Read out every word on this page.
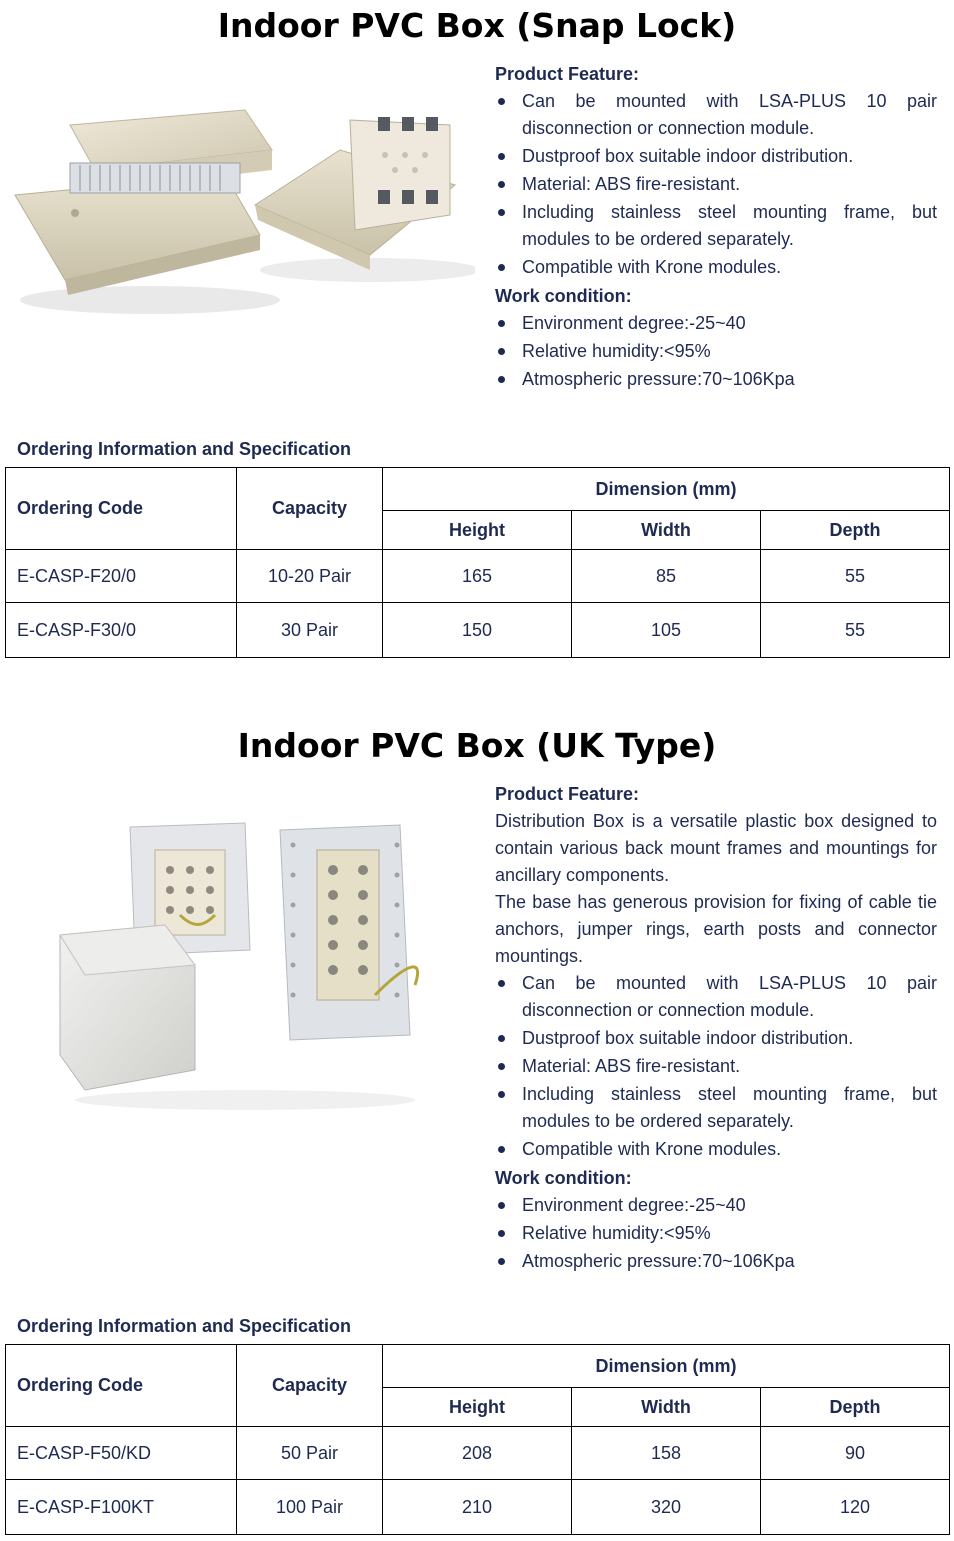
Indoor PVC Box (Snap Lock)
Product Feature:
Can be mounted with LSA-PLUS 10 pair disconnection or connection module.
Dustproof box suitable indoor distribution.
Material: ABS fire-resistant.
Including stainless steel mounting frame, but modules to be ordered separately.
Compatible with Krone modules.
Work condition:
Environment degree:-25~40
Relative humidity:<95%
Atmospheric pressure:70~106Kpa
Ordering Information and Specification
Ordering Code	Capacity	Dimension (mm)		
		Height	Width	Depth
E-CASP-F20/0	10-20 Pair	165	85	55
E-CASP-F30/0	30 Pair	150	105	55
Indoor PVC Box (UK Type)
Product Feature:

Distribution Box is a versatile plastic box designed to contain various back mount frames and mountings for ancillary components.

The base has generous provision for fixing of cable tie anchors, jumper rings, earth posts and connector mountings.

Can be mounted with LSA-PLUS 10 pair disconnection or connection module.
Dustproof box suitable indoor distribution.
Material: ABS fire-resistant.
Including stainless steel mounting frame, but modules to be ordered separately.
Compatible with Krone modules.
Work condition:
Environment degree:-25~40
Relative humidity:<95%
Atmospheric pressure:70~106Kpa
Ordering Information and Specification
Ordering Code	Capacity	Dimension (mm)		
		Height	Width	Depth
E-CASP-F50/KD	50 Pair	208	158	90
E-CASP-F100KT	100 Pair	210	320	120
